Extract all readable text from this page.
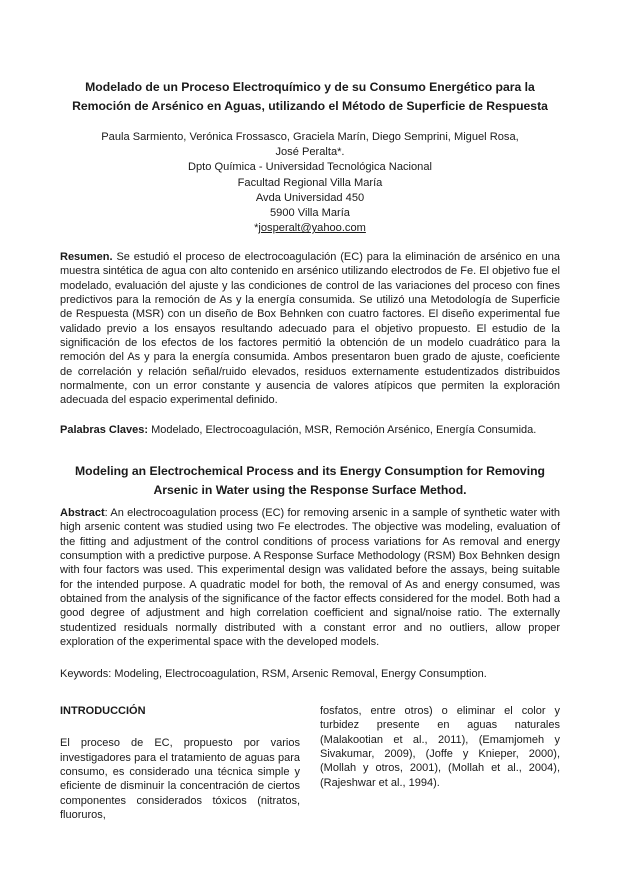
Modelado de un Proceso Electroquímico y de su Consumo Energético para la
Remoción de Arsénico en Aguas, utilizando el Método de Superficie de Respuesta
Paula Sarmiento, Verónica Frossasco, Graciela Marín, Diego Semprini, Miguel Rosa,
José Peralta*.
Dpto Química - Universidad Tecnológica Nacional
Facultad Regional Villa María
Avda Universidad 450
5900 Villa María
*josperalt@yahoo.com

Resumen. Se estudió el proceso de electrocoagulación (EC) para la eliminación de arsénico en una muestra sintética de agua con alto contenido en arsénico utilizando electrodos de Fe. El objetivo fue el modelado, evaluación del ajuste y las condiciones de control de las variaciones del proceso con fines predictivos para la remoción de As y la energía consumida. Se utilizó una Metodología de Superficie de Respuesta (MSR) con un diseño de Box Behnken con cuatro factores. El diseño experimental fue validado previo a los ensayos resultando adecuado para el objetivo propuesto. El estudio de la significación de los efectos de los factores permitió la obtención de un modelo cuadrático para la remoción del As y para la energía consumida. Ambos presentaron buen grado de ajuste, coeficiente de correlación y relación señal/ruido elevados, residuos externamente estudentizados distribuidos normalmente, con un error constante y ausencia de valores atípicos que permiten la exploración adecuada del espacio experimental definido.

Palabras Claves: Modelado, Electrocoagulación, MSR, Remoción Arsénico, Energía Consumida.

Modeling an Electrochemical Process and its Energy Consumption for Removing
Arsenic in Water using the Response Surface Method.

Abstract: An electrocoagulation process (EC) for removing arsenic in a sample of synthetic water with high arsenic content was studied using two Fe electrodes. The objective was modeling, evaluation of the fitting and adjustment of the control conditions of process variations for As removal and energy consumption with a predictive purpose. A Response Surface Methodology (RSM) Box Behnken design with four factors was used. This experimental design was validated before the assays, being suitable for the intended purpose. A quadratic model for both, the removal of As and energy consumed, was obtained from the analysis of the significance of the factor effects considered for the model. Both had a good degree of adjustment and high correlation coefficient and signal/noise ratio. The externally studentized residuals normally distributed with a constant error and no outliers, allow proper exploration of the experimental space with the developed models.

Keywords: Modeling, Electrocoagulation, RSM, Arsenic Removal, Energy Consumption.

INTRODUCCIÓN

El proceso de EC, propuesto por varios investigadores para el tratamiento de aguas para consumo, es considerado una técnica simple y eficiente de disminuir la concentración de ciertos componentes considerados tóxicos (nitratos, fluoruros,

fosfatos, entre otros) o eliminar el color y turbidez presente en aguas naturales (Malakootian et al., 2011), (Emamjomeh y Sivakumar, 2009), (Joffe y Knieper, 2000), (Mollah y otros, 2001), (Mollah et al., 2004), (Rajeshwar et al., 1994).
